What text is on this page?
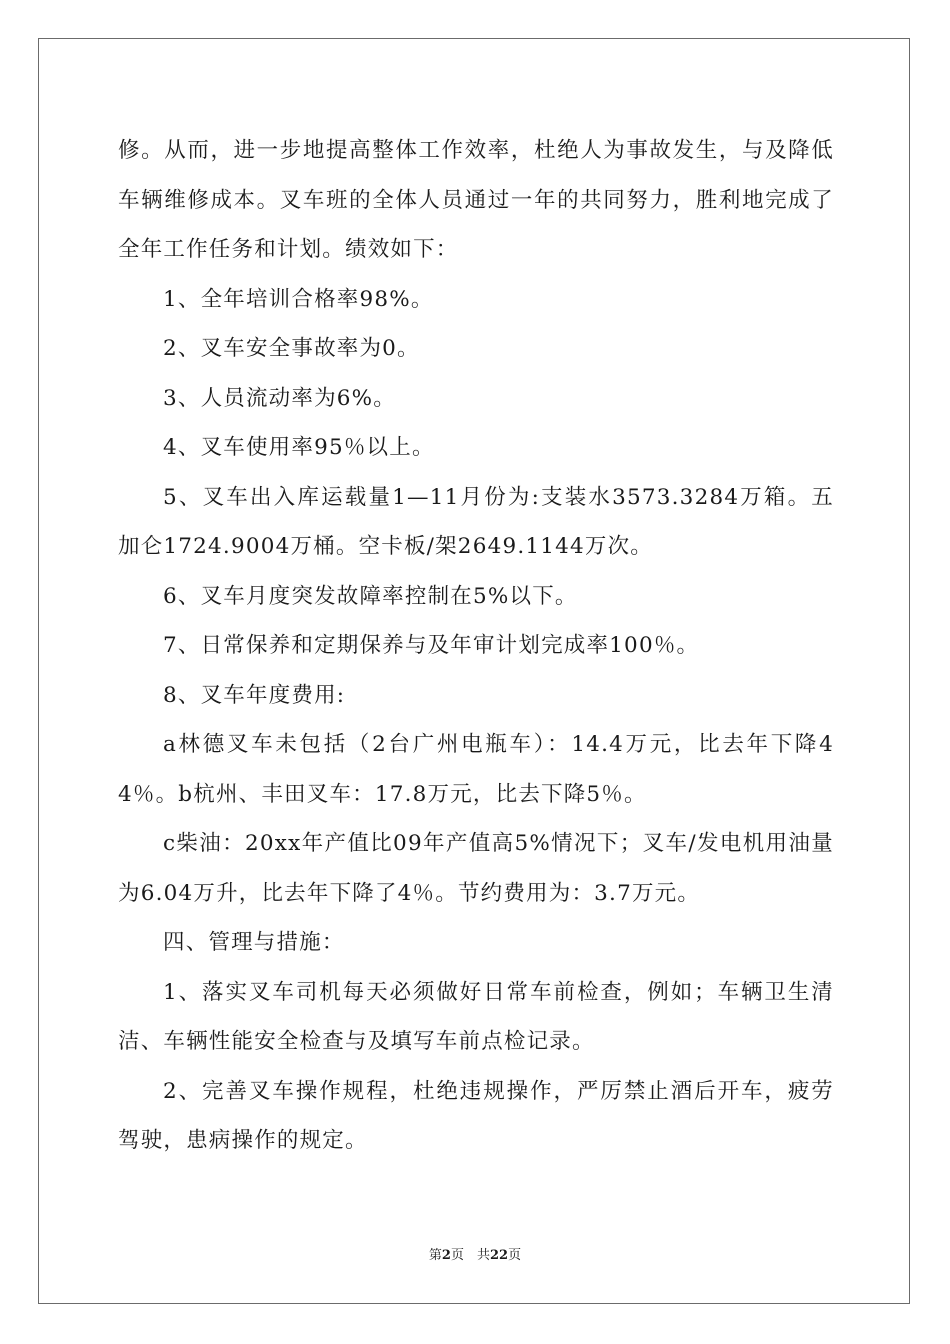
修。从而，进一步地提高整体工作效率，杜绝人为事故发生，与及降低车辆维修成本。叉车班的全体人员通过一年的共同努力，胜利地完成了全年工作任务和计划。绩效如下：

1、全年培训合格率98%。

2、叉车安全事故率为0。

3、人员流动率为6%。

4、叉车使用率95％以上。

5、叉车出入库运载量1—11月份为:支装水3573.3284万箱。五加仑1724.9004万桶。空卡板/架2649.1144万次。

6、叉车月度突发故障率控制在5%以下。

7、日常保养和定期保养与及年审计划完成率100％。

8、叉车年度费用:

a林德叉车未包括（2台广州电瓶车）：14.4万元，比去年下降44％。b杭州、丰田叉车：17.8万元，比去下降5％。

c柴油：20xx年产值比09年产值高5%情况下；叉车/发电机用油量为6.04万升，比去年下降了4％。节约费用为：3.7万元。

四、管理与措施：

1、落实叉车司机每天必须做好日常车前检查，例如；车辆卫生清洁、车辆性能安全检查与及填写车前点检记录。

2、完善叉车操作规程，杜绝违规操作，严厉禁止酒后开车，疲劳驾驶，患病操作的规定。

第2页　共22页
